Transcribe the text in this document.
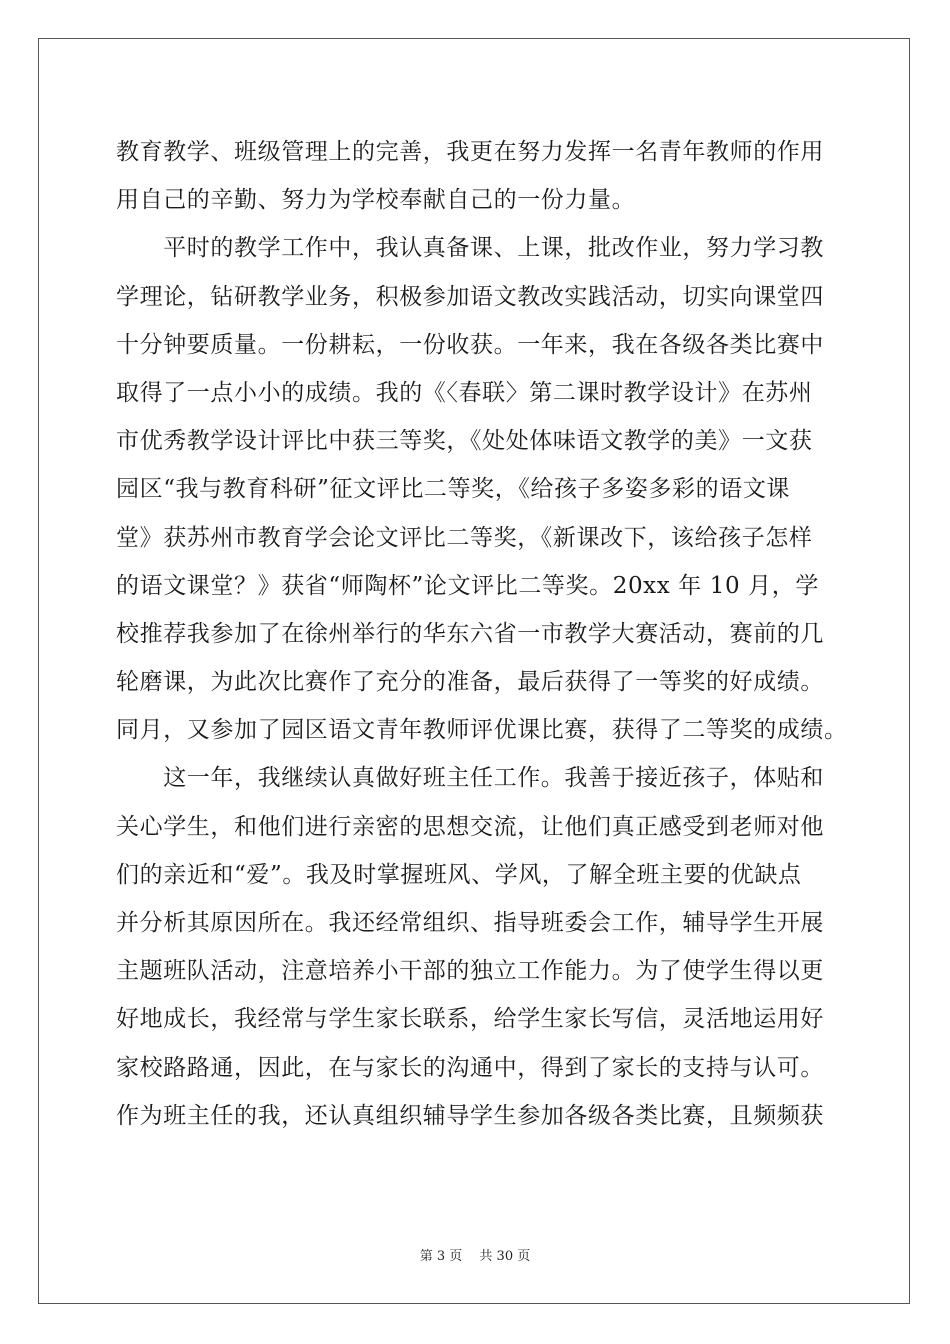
教育教学、班级管理上的完善，我更在努力发挥一名青年教师的作用
用自己的辛勤、努力为学校奉献自己的一份力量。
　　平时的教学工作中，我认真备课、上课，批改作业，努力学习教
学理论，钻研教学业务，积极参加语文教改实践活动，切实向课堂四
十分钟要质量。一份耕耘，一份收获。一年来，我在各级各类比赛中
取得了一点小小的成绩。我的《〈春联〉第二课时教学设计》在苏州
市优秀教学设计评比中获三等奖，《处处体味语文教学的美》一文获
园区“我与教育科研”征文评比二等奖，《给孩子多姿多彩的语文课
堂》获苏州市教育学会论文评比二等奖，《新课改下，该给孩子怎样
的语文课堂？》获省“师陶杯”论文评比二等奖。20xx 年 10 月，学
校推荐我参加了在徐州举行的华东六省一市教学大赛活动，赛前的几
轮磨课，为此次比赛作了充分的准备，最后获得了一等奖的好成绩。
同月，又参加了园区语文青年教师评优课比赛，获得了二等奖的成绩。
　　这一年，我继续认真做好班主任工作。我善于接近孩子，体贴和
关心学生，和他们进行亲密的思想交流，让他们真正感受到老师对他
们的亲近和“爱”。我及时掌握班风、学风，了解全班主要的优缺点
并分析其原因所在。我还经常组织、指导班委会工作，辅导学生开展
主题班队活动，注意培养小干部的独立工作能力。为了使学生得以更
好地成长，我经常与学生家长联系，给学生家长写信，灵活地运用好
家校路路通，因此，在与家长的沟通中，得到了家长的支持与认可。
作为班主任的我，还认真组织辅导学生参加各级各类比赛，且频频获
第 3 页　 共 30 页
